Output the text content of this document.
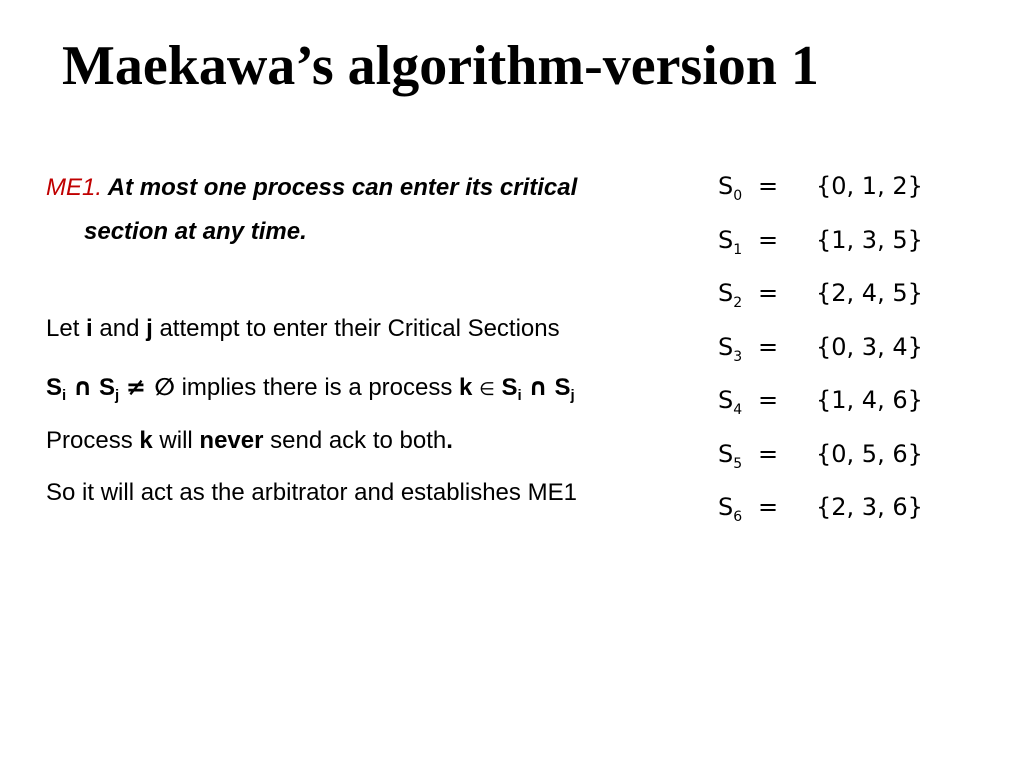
Maekawa’s algorithm-version 1
ME1. At most one process can enter its critical
section at any time.

Let i and j attempt to enter their Critical Sections

$S_i$ ∩ $S_j$ ≠ ∅ implies there is a process k ∈ $S_i$ ∩ $S_j$

Process k will never send ack to both.

So it will act as the arbitrator and establishes ME1

$S_0 = \{0$, 1, 2}
$S_1 = \{1$, 3, 5}
$S_2 = \{2$, 4, 5}
$S_3 = \{0$, 3, 4}
$S_4 = \{1$, 4, 6}
$S_5 = \{0$, 5, 6}
$S_6 = \{2$, 3, 6}
